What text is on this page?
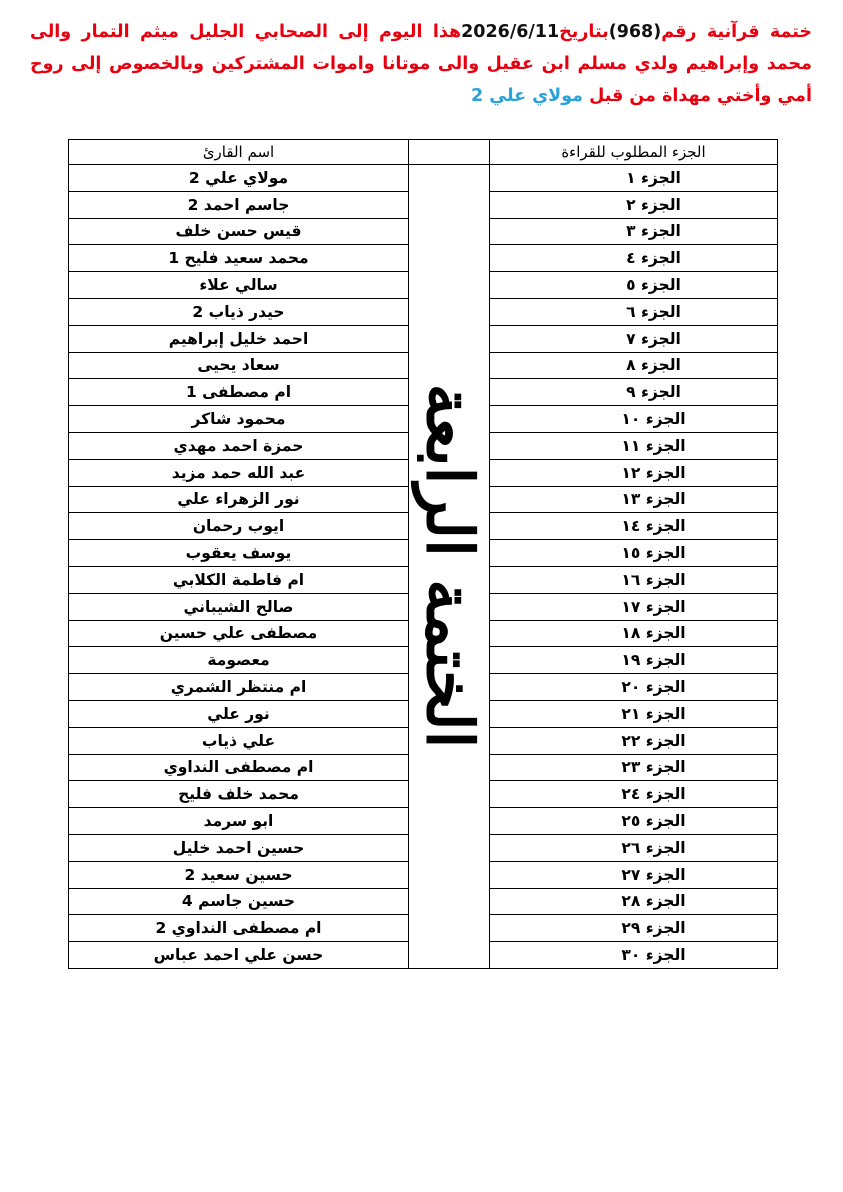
ختمة قرآنية رقم(968)بتاريخ2026/6/11هذا اليوم إلى الصحابي الجليل ميثم التمار والى محمد وإبراهيم ولدي مسلم ابن عقيل والى موتانا واموات المشتركين وبالخصوص إلى روح أمي وأختي مهداة من قبل مولاي علي 2
الجزء المطلوب للقراءة		اسم القارئ
الجزء ١	الختمة الرابعة	مولاي علي 2
الجزء ٢		جاسم احمد 2
الجزء ٣		قيس حسن خلف
الجزء ٤		محمد سعيد فليح 1
الجزء ٥		سالي علاء
الجزء ٦		حيدر ذياب 2
الجزء ٧		احمد خليل إبراهيم
الجزء ٨		سعاد يحيى
الجزء ٩		ام مصطفى 1
الجزء ١٠		محمود شاكر
الجزء ١١		حمزة احمد مهدي
الجزء ١٢		عبد الله حمد مزيد
الجزء ١٣		نور الزهراء علي
الجزء ١٤		ايوب رحمان
الجزء ١٥		يوسف يعقوب
الجزء ١٦		ام فاطمة الكلابي
الجزء ١٧		صالح الشيباني
الجزء ١٨		مصطفى علي حسين
الجزء ١٩		معصومة
الجزء ٢٠		ام منتظر الشمري
الجزء ٢١		نور علي
الجزء ٢٢		علي ذياب
الجزء ٢٣		ام مصطفى النداوي
الجزء ٢٤		محمد خلف فليح
الجزء ٢٥		ابو سرمد
الجزء ٢٦		حسين احمد خليل
الجزء ٢٧		حسين سعيد 2
الجزء ٢٨		حسين جاسم 4
الجزء ٢٩		ام مصطفى النداوي 2
الجزء ٣٠		حسن علي احمد عباس
